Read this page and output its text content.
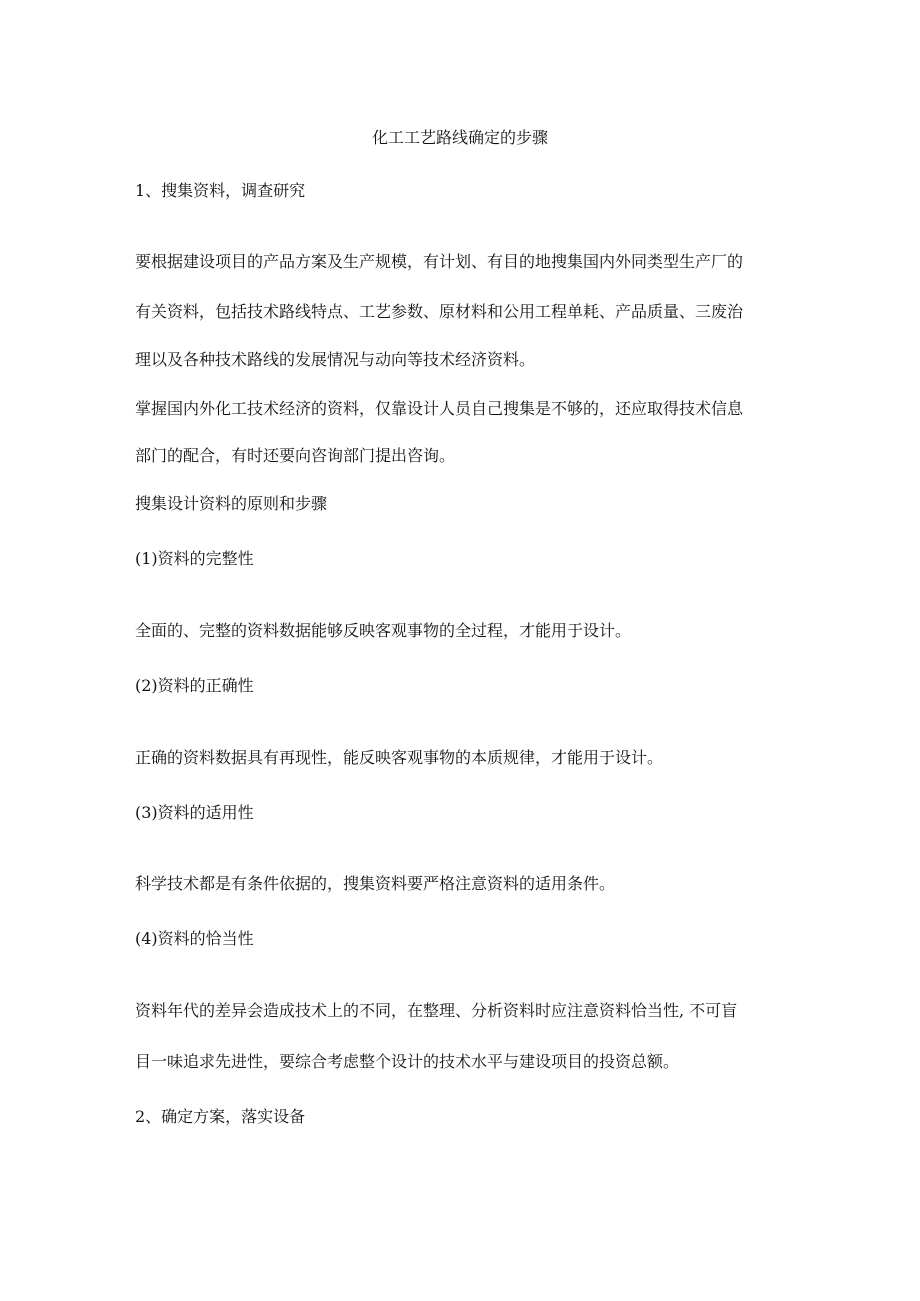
化工工艺路线确定的步骤
1、搜集资料，调查研究
要根据建设项目的产品方案及生产规模，有计划、有目的地搜集国内外同类型生产厂的
有关资料，包括技术路线特点、工艺参数、原材料和公用工程单耗、产品质量、三废治
理以及各种技术路线的发展情况与动向等技术经济资料。
掌握国内外化工技术经济的资料，仅靠设计人员自己搜集是不够的，还应取得技术信息
部门的配合，有时还要向咨询部门提出咨询。
搜集设计资料的原则和步骤
(1)资料的完整性
全面的、完整的资料数据能够反映客观事物的全过程，才能用于设计。
(2)资料的正确性
正确的资料数据具有再现性，能反映客观事物的本质规律，才能用于设计。
(3)资料的适用性
科学技术都是有条件依据的，搜集资料要严格注意资料的适用条件。
(4)资料的恰当性
资料年代的差异会造成技术上的不同，在整理、分析资料时应注意资料恰当性, 不可盲
目一味追求先进性，要综合考虑整个设计的技术水平与建设项目的投资总额。
2、确定方案，落实设备
